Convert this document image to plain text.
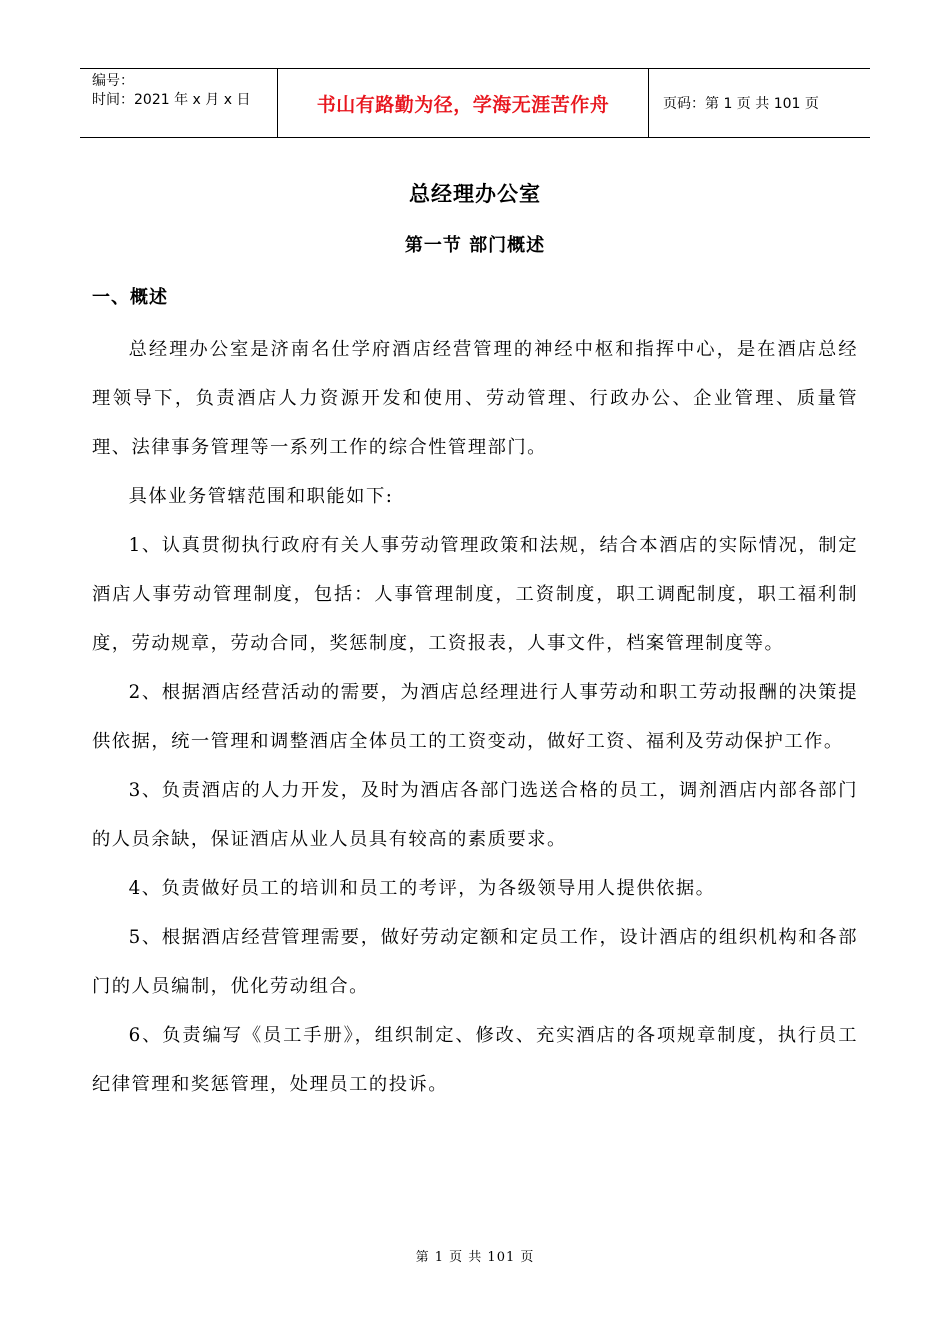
编号：
时间：2021 年 x 月 x 日	书山有路勤为径，学海无涯苦作舟	页码：第 1 页 共 101 页
总经理办公室
第一节 部门概述
一、概述

总经理办公室是济南名仕学府酒店经营管理的神经中枢和指挥中心，是在酒店总经理领导下，负责酒店人力资源开发和使用、劳动管理、行政办公、企业管理、质量管理、法律事务管理等一系列工作的综合性管理部门。

具体业务管辖范围和职能如下:

1、认真贯彻执行政府有关人事劳动管理政策和法规，结合本酒店的实际情况，制定酒店人事劳动管理制度，包括：人事管理制度，工资制度，职工调配制度，职工福利制度，劳动规章，劳动合同，奖惩制度，工资报表，人事文件，档案管理制度等。

2、根据酒店经营活动的需要，为酒店总经理进行人事劳动和职工劳动报酬的决策提供依据，统一管理和调整酒店全体员工的工资变动，做好工资、福利及劳动保护工作。

3、负责酒店的人力开发，及时为酒店各部门选送合格的员工，调剂酒店内部各部门的人员余缺，保证酒店从业人员具有较高的素质要求。

4、负责做好员工的培训和员工的考评，为各级领导用人提供依据。

5、根据酒店经营管理需要，做好劳动定额和定员工作，设计酒店的组织机构和各部门的人员编制，优化劳动组合。

6、负责编写《员工手册》，组织制定、修改、充实酒店的各项规章制度，执行员工纪律管理和奖惩管理，处理员工的投诉。

第 1 页 共 101 页
